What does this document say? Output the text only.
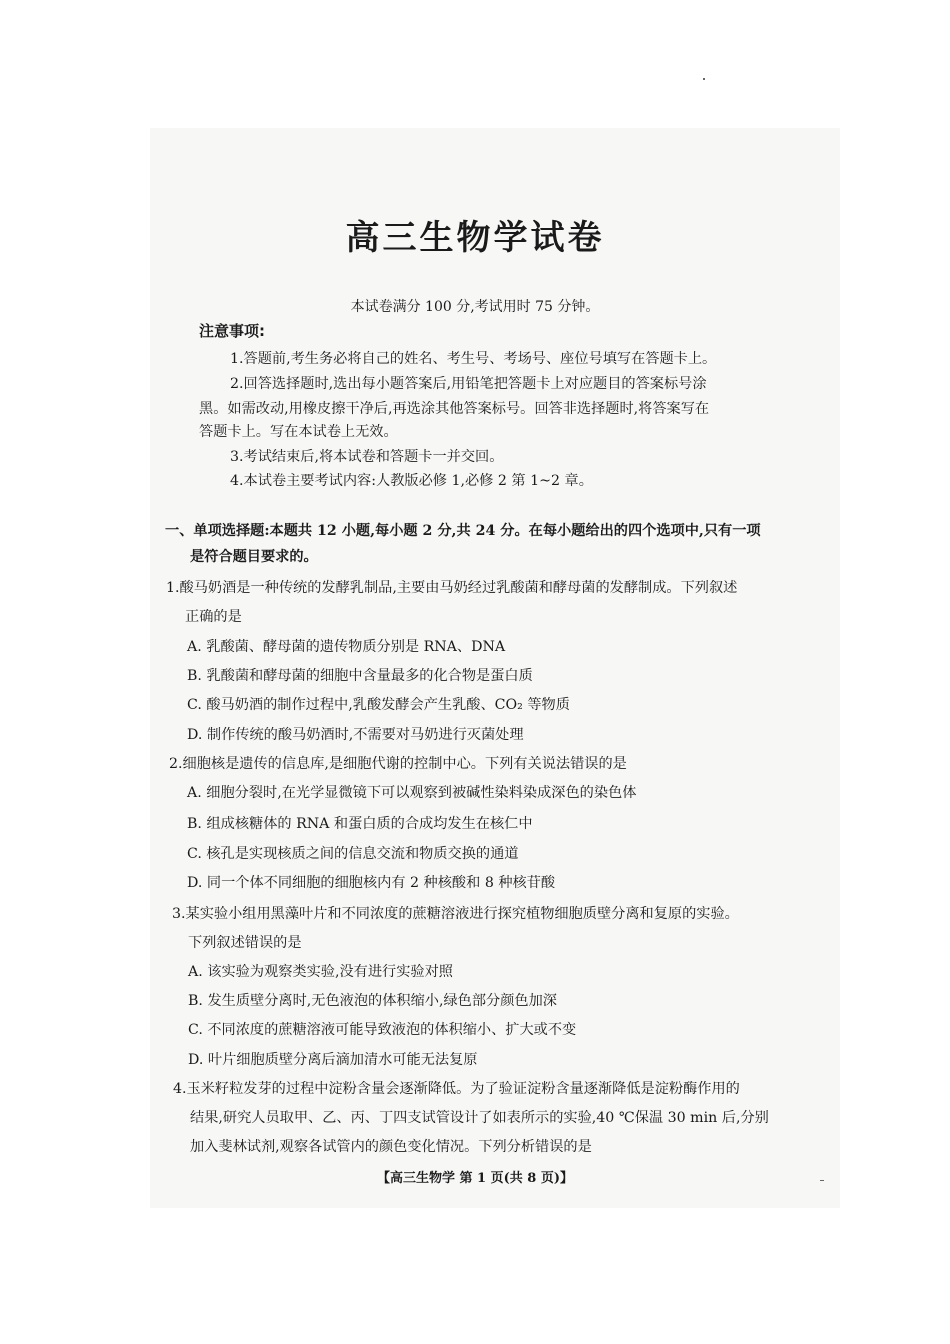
高三生物学试卷
本试卷满分 100 分,考试用时 75 分钟。
注意事项:
1.答题前,考生务必将自己的姓名、考生号、考场号、座位号填写在答题卡上。
2.回答选择题时,选出每小题答案后,用铅笔把答题卡上对应题目的答案标号涂
黑。如需改动,用橡皮擦干净后,再选涂其他答案标号。回答非选择题时,将答案写在
答题卡上。写在本试卷上无效。
3.考试结束后,将本试卷和答题卡一并交回。
4.本试卷主要考试内容:人教版必修 1,必修 2 第 1~2 章。
一、单项选择题:本题共 12 小题,每小题 2 分,共 24 分。在每小题给出的四个选项中,只有一项
是符合题目要求的。
1.酸马奶酒是一种传统的发酵乳制品,主要由马奶经过乳酸菌和酵母菌的发酵制成。下列叙述
正确的是
A. 乳酸菌、酵母菌的遗传物质分别是 RNA、DNA
B. 乳酸菌和酵母菌的细胞中含量最多的化合物是蛋白质
C. 酸马奶酒的制作过程中,乳酸发酵会产生乳酸、CO₂ 等物质
D. 制作传统的酸马奶酒时,不需要对马奶进行灭菌处理
2.细胞核是遗传的信息库,是细胞代谢的控制中心。下列有关说法错误的是
A. 细胞分裂时,在光学显微镜下可以观察到被碱性染料染成深色的染色体
B. 组成核糖体的 RNA 和蛋白质的合成均发生在核仁中
C. 核孔是实现核质之间的信息交流和物质交换的通道
D. 同一个体不同细胞的细胞核内有 2 种核酸和 8 种核苷酸
3.某实验小组用黑藻叶片和不同浓度的蔗糖溶液进行探究植物细胞质壁分离和复原的实验。
下列叙述错误的是
A. 该实验为观察类实验,没有进行实验对照
B. 发生质壁分离时,无色液泡的体积缩小,绿色部分颜色加深
C. 不同浓度的蔗糖溶液可能导致液泡的体积缩小、扩大或不变
D. 叶片细胞质壁分离后滴加清水可能无法复原
4.玉米籽粒发芽的过程中淀粉含量会逐渐降低。为了验证淀粉含量逐渐降低是淀粉酶作用的
结果,研究人员取甲、乙、丙、丁四支试管设计了如表所示的实验,40 ℃保温 30 min 后,分别
加入斐林试剂,观察各试管内的颜色变化情况。下列分析错误的是
【高三生物学 第 1 页(共 8 页)】
